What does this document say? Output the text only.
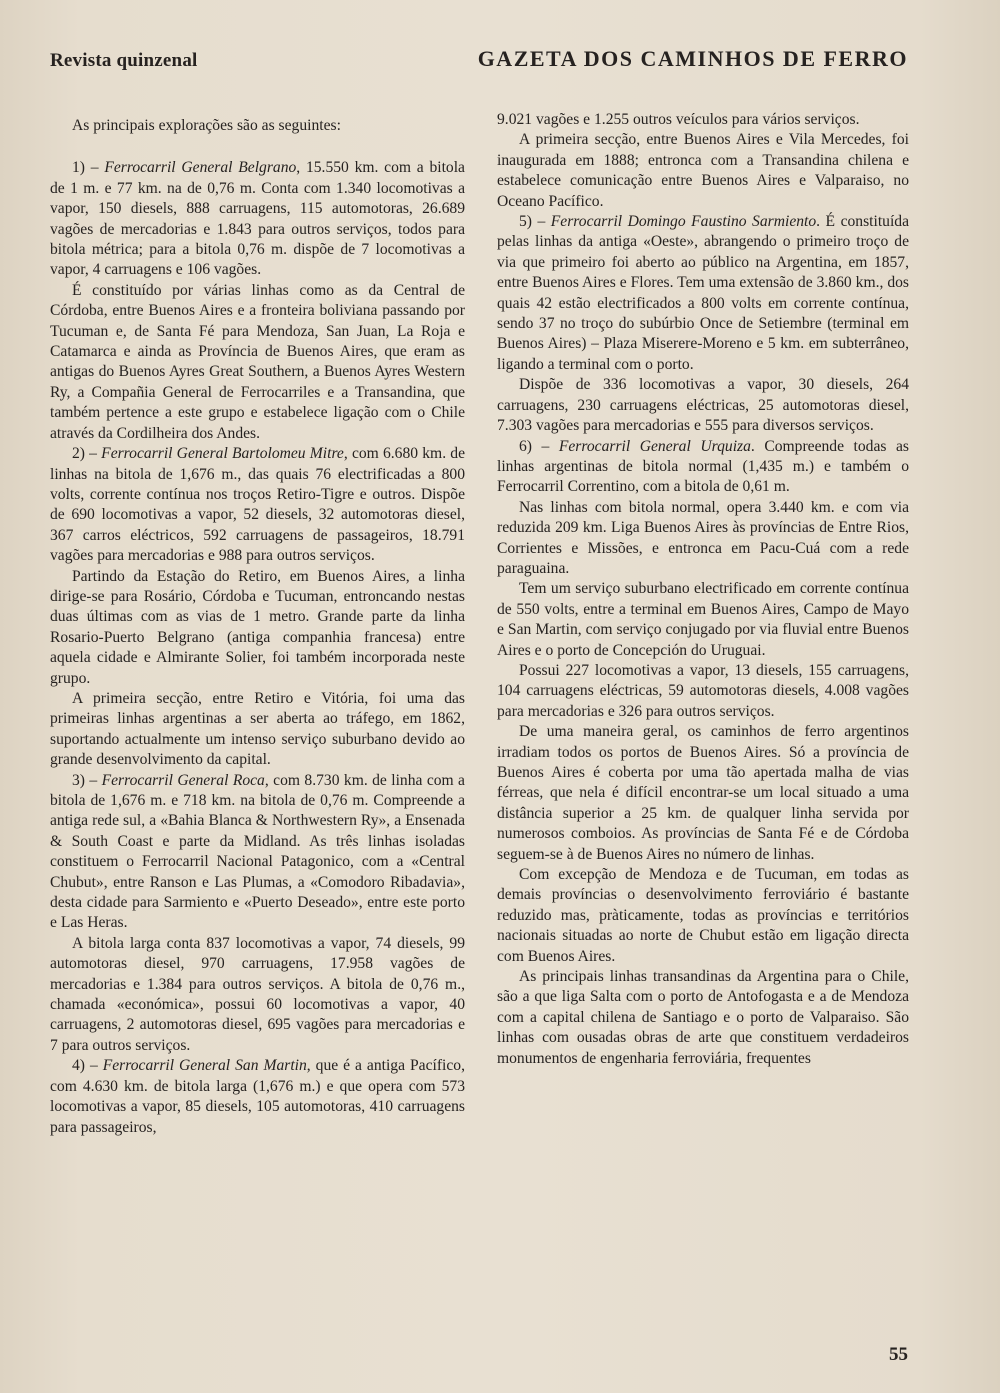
Revista quinzenal	GAZETA DOS CAMINHOS DE FERRO

As principais explorações são as seguintes:

1) – Ferrocarril General Belgrano, 15.550 km. com a bitola de 1 m. e 77 km. na de 0,76 m. Conta com 1.340 locomotivas a vapor, 150 diesels, 888 carruagens, 115 automotoras, 26.689 vagões de mercadorias e 1.843 para outros serviços, todos para bitola métrica; para a bitola 0,76 m. dispõe de 7 locomotivas a vapor, 4 carruagens e 106 vagões.

É constituído por várias linhas como as da Central de Córdoba, entre Buenos Aires e a fronteira boliviana passando por Tucuman e, de Santa Fé para Mendoza, San Juan, La Roja e Catamarca e ainda as Província de Buenos Aires, que eram as antigas do Buenos Ayres Great Southern, a Buenos Ayres Western Ry, a Compañia General de Ferrocarriles e a Transandina, que também pertence a este grupo e estabelece ligação com o Chile através da Cordilheira dos Andes.

2) – Ferrocarril General Bartolomeu Mitre, com 6.680 km. de linhas na bitola de 1,676 m., das quais 76 electrificadas a 800 volts, corrente contínua nos troços Retiro-Tigre e outros. Dispõe de 690 locomotivas a vapor, 52 diesels, 32 automotoras diesel, 367 carros eléctricos, 592 carruagens de passageiros, 18.791 vagões para mercadorias e 988 para outros serviços.

Partindo da Estação do Retiro, em Buenos Aires, a linha dirige-se para Rosário, Córdoba e Tucuman, entroncando nestas duas últimas com as vias de 1 metro. Grande parte da linha Rosario-Puerto Belgrano (antiga companhia francesa) entre aquela cidade e Almirante Solier, foi também incorporada neste grupo.

A primeira secção, entre Retiro e Vitória, foi uma das primeiras linhas argentinas a ser aberta ao tráfego, em 1862, suportando actualmente um intenso serviço suburbano devido ao grande desenvolvimento da capital.

3) – Ferrocarril General Roca, com 8.730 km. de linha com a bitola de 1,676 m. e 718 km. na bitola de 0,76 m. Compreende a antiga rede sul, a «Bahia Blanca & Northwestern Ry», a Ensenada & South Coast e parte da Midland. As três linhas isoladas constituem o Ferrocarril Nacional Patagonico, com a «Central Chubut», entre Ranson e Las Plumas, a «Comodoro Ribadavia», desta cidade para Sarmiento e «Puerto Deseado», entre este porto e Las Heras.

A bitola larga conta 837 locomotivas a vapor, 74 diesels, 99 automotoras diesel, 970 carruagens, 17.958 vagões de mercadorias e 1.384 para outros serviços. A bitola de 0,76 m., chamada «económica», possui 60 locomotivas a vapor, 40 carruagens, 2 automotoras diesel, 695 vagões para mercadorias e 7 para outros serviços.

4) – Ferrocarril General San Martin, que é a antiga Pacífico, com 4.630 km. de bitola larga (1,676 m.) e que opera com 573 locomotivas a vapor, 85 diesels, 105 automotoras, 410 carruagens para passageiros,

9.021 vagões e 1.255 outros veículos para vários serviços.

A primeira secção, entre Buenos Aires e Vila Mercedes, foi inaugurada em 1888; entronca com a Transandina chilena e estabelece comunicação entre Buenos Aires e Valparaiso, no Oceano Pacífico.

5) – Ferrocarril Domingo Faustino Sarmiento. É constituída pelas linhas da antiga «Oeste», abrangendo o primeiro troço de via que primeiro foi aberto ao público na Argentina, em 1857, entre Buenos Aires e Flores. Tem uma extensão de 3.860 km., dos quais 42 estão electrificados a 800 volts em corrente contínua, sendo 37 no troço do subúrbio Once de Setiembre (terminal em Buenos Aires) – Plaza Miserere-Moreno e 5 km. em subterrâneo, ligando a terminal com o porto.

Dispõe de 336 locomotivas a vapor, 30 diesels, 264 carruagens, 230 carruagens eléctricas, 25 automotoras diesel, 7.303 vagões para mercadorias e 555 para diversos serviços.

6) – Ferrocarril General Urquiza. Compreende todas as linhas argentinas de bitola normal (1,435 m.) e também o Ferrocarril Correntino, com a bitola de 0,61 m.

Nas linhas com bitola normal, opera 3.440 km. e com via reduzida 209 km. Liga Buenos Aires às províncias de Entre Rios, Corrientes e Missões, e entronca em Pacu-Cuá com a rede paraguaina.

Tem um serviço suburbano electrificado em corrente contínua de 550 volts, entre a terminal em Buenos Aires, Campo de Mayo e San Martin, com serviço conjugado por via fluvial entre Buenos Aires e o porto de Concepción do Uruguai.

Possui 227 locomotivas a vapor, 13 diesels, 155 carruagens, 104 carruagens eléctricas, 59 automotoras diesels, 4.008 vagões para mercadorias e 326 para outros serviços.

De uma maneira geral, os caminhos de ferro argentinos irradiam todos os portos de Buenos Aires. Só a província de Buenos Aires é coberta por uma tão apertada malha de vias férreas, que nela é difícil encontrar-se um local situado a uma distância superior a 25 km. de qualquer linha servida por numerosos comboios. As províncias de Santa Fé e de Córdoba seguem-se à de Buenos Aires no número de linhas.

Com excepção de Mendoza e de Tucuman, em todas as demais províncias o desenvolvimento ferroviário é bastante reduzido mas, pràticamente, todas as províncias e territórios nacionais situadas ao norte de Chubut estão em ligação directa com Buenos Aires.

As principais linhas transandinas da Argentina para o Chile, são a que liga Salta com o porto de Antofogasta e a de Mendoza com a capital chilena de Santiago e o porto de Valparaiso. São linhas com ousadas obras de arte que constituem verdadeiros monumentos de engenharia ferroviária, frequentes

55
